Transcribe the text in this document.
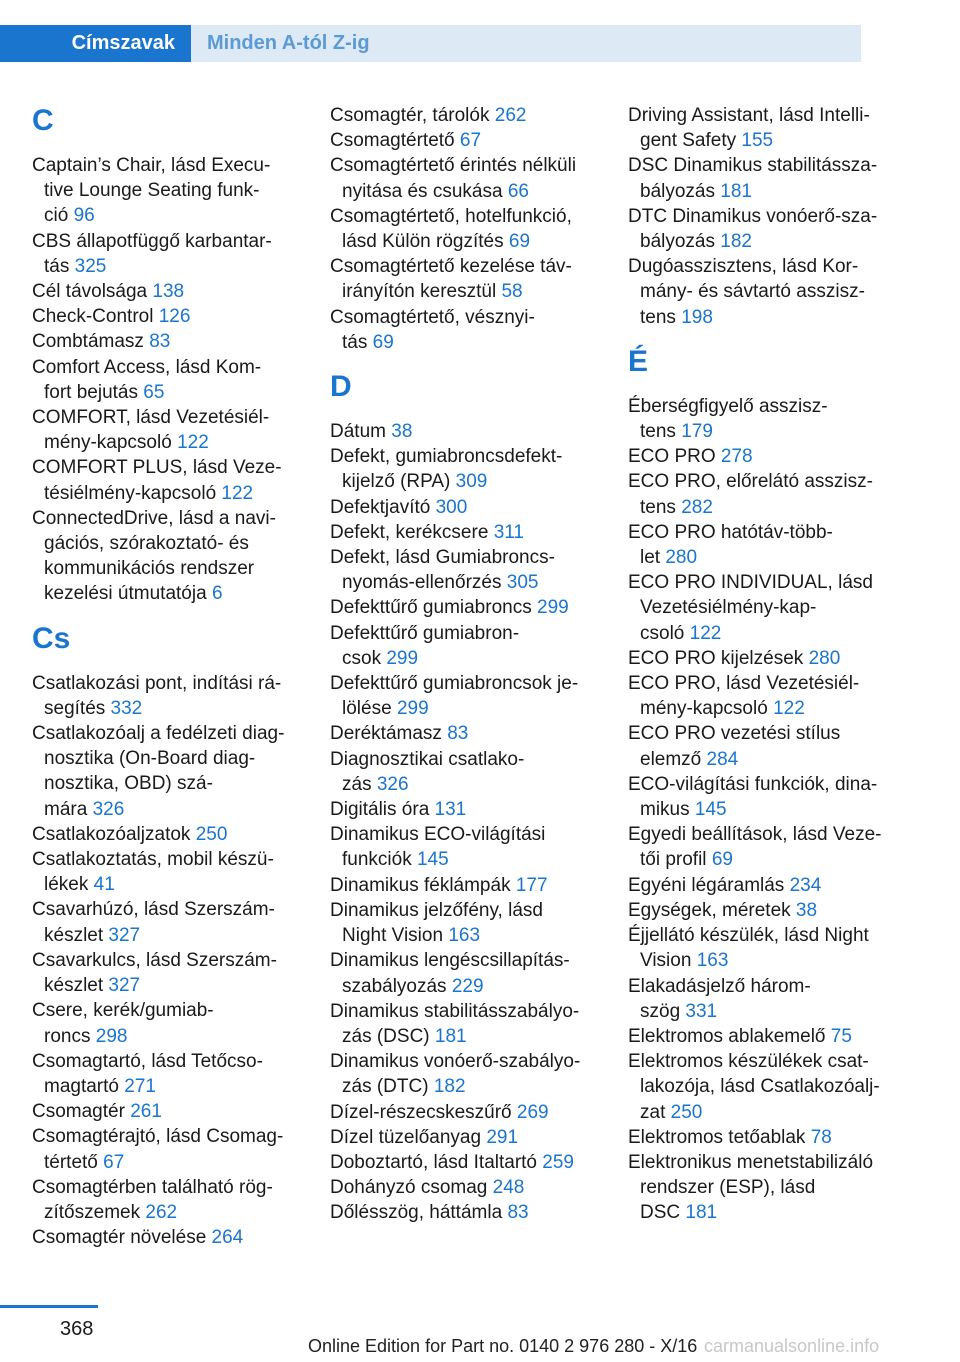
Címszavak	Minden A-tól Z-ig
C
Captain’s Chair, lásd Execu-
tive Lounge Seating funk-
ció 96
CBS állapotfüggő karbantar-
tás 325
Cél távolsága 138
Check-Control 126
Combtámasz 83
Comfort Access, lásd Kom-
fort bejutás 65
COMFORT, lásd Vezetésiél-
mény-kapcsoló 122
COMFORT PLUS, lásd Veze-
tésiélmény-kapcsoló 122
ConnectedDrive, lásd a navi-
gációs, szórakoztató- és
kommunikációs rendszer
kezelési útmutatója 6
Cs
Csatlakozási pont, indítási rá-
segítés 332
Csatlakozóalj a fedélzeti diag-
nosztika (On-Board diag-
nosztika, OBD) szá-
mára 326
Csatlakozóaljzatok 250
Csatlakoztatás, mobil készü-
lékek 41
Csavarhúzó, lásd Szerszám-
készlet 327
Csavarkulcs, lásd Szerszám-
készlet 327
Csere, kerék/gumiab-
roncs 298
Csomagtartó, lásd Tetőcso-
magtartó 271
Csomagtér 261
Csomagtérajtó, lásd Csomag-
tértető 67
Csomagtérben található rög-
zítőszemek 262
Csomagtér növelése 264
Csomagtér, tárolók 262
Csomagtértető 67
Csomagtértető érintés nélküli
nyitása és csukása 66
Csomagtértető, hotelfunkció,
lásd Külön rögzítés 69
Csomagtértető kezelése táv-
irányítón keresztül 58
Csomagtértető, vésznyi-
tás 69
D
Dátum 38
Defekt, gumiabroncsdefekt-
kijelző (RPA) 309
Defektjavító 300
Defekt, kerékcsere 311
Defekt, lásd Gumiabroncs-
nyomás-ellenőrzés 305
Defekttűrő gumiabroncs 299
Defekttűrő gumiabron-
csok 299
Defekttűrő gumiabroncsok je-
lölése 299
Deréktámasz 83
Diagnosztikai csatlako-
zás 326
Digitális óra 131
Dinamikus ECO-világítási
funkciók 145
Dinamikus féklámpák 177
Dinamikus jelzőfény, lásd
Night Vision 163
Dinamikus lengéscsillapítás-
szabályozás 229
Dinamikus stabilitásszabályo-
zás (DSC) 181
Dinamikus vonóerő-szabályo-
zás (DTC) 182
Dízel-részecskeszűrő 269
Dízel tüzelőanyag 291
Doboztartó, lásd Italtartó 259
Dohányzó csomag 248
Dőlésszög, háttámla 83
Driving Assistant, lásd Intelli-
gent Safety 155
DSC Dinamikus stabilitássza-
bályozás 181
DTC Dinamikus vonóerő-sza-
bályozás 182
Dugóasszisztens, lásd Kor-
mány- és sávtartó asszisz-
tens 198
É
Éberségfigyelő asszisz-
tens 179
ECO PRO 278
ECO PRO, előrelátó asszisz-
tens 282
ECO PRO hatótáv-több-
let 280
ECO PRO INDIVIDUAL, lásd
Vezetésiélmény-kap-
csoló 122
ECO PRO kijelzések 280
ECO PRO, lásd Vezetésiél-
mény-kapcsoló 122
ECO PRO vezetési stílus
elemző 284
ECO-világítási funkciók, dina-
mikus 145
Egyedi beállítások, lásd Veze-
tői profil 69
Egyéni légáramlás 234
Egységek, méretek 38
Éjjellátó készülék, lásd Night
Vision 163
Elakadásjelző három-
szög 331
Elektromos ablakemelő 75
Elektromos készülékek csat-
lakozója, lásd Csatlakozóalj-
zat 250
Elektromos tetőablak 78
Elektronikus menetstabilizáló
rendszer (ESP), lásd
DSC 181
368
Online Edition for Part no. 0140 2 976 280 - X/16 carmanualsonline.info
